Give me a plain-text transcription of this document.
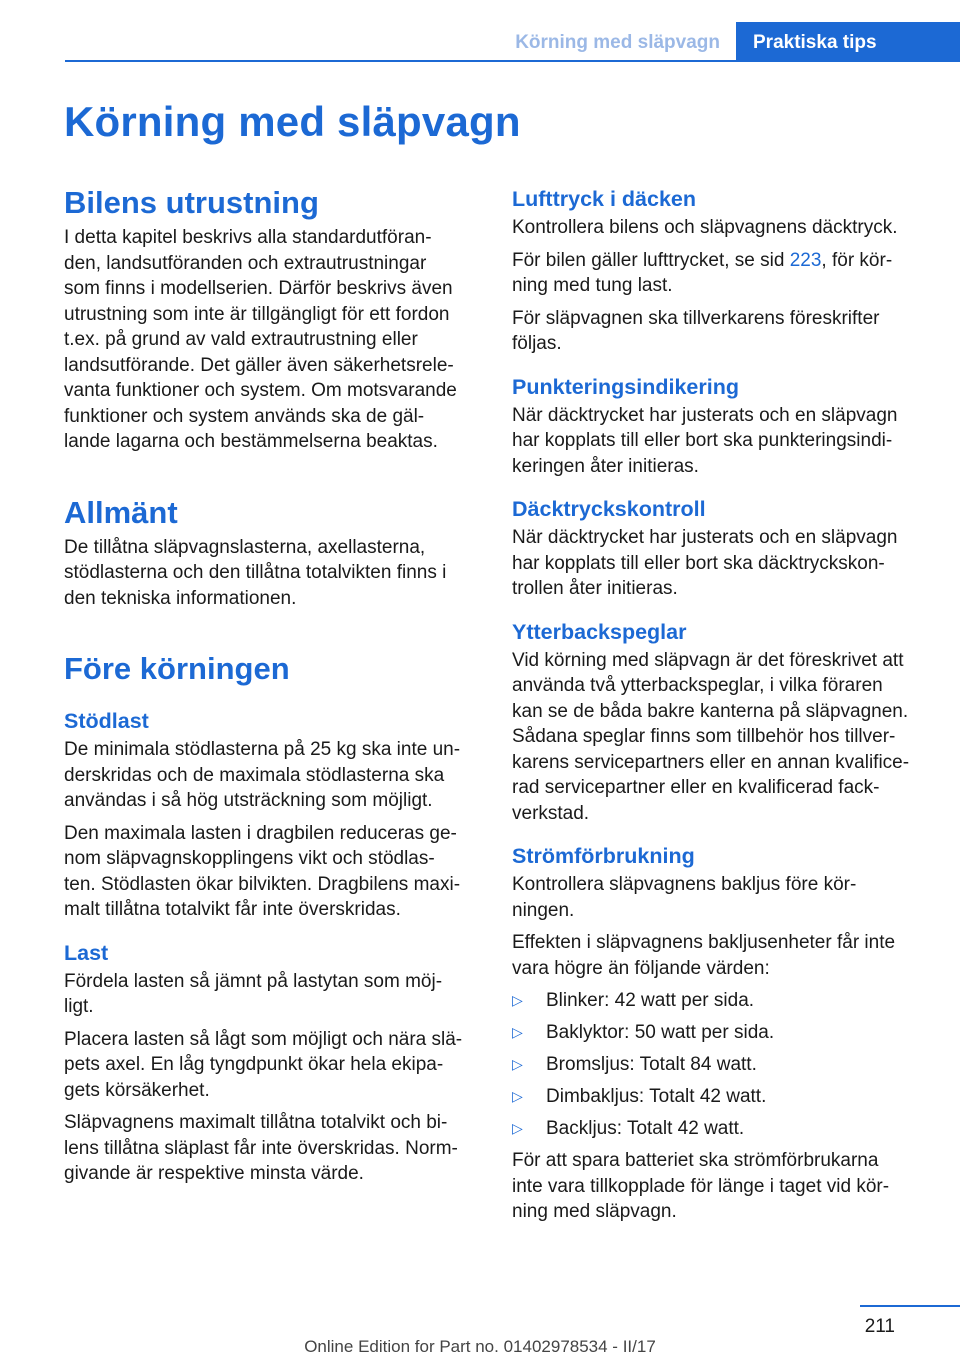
Körning med släpvagn Praktiska tips
Körning med släpvagn
Bilens utrustning

I detta kapitel beskrivs alla standardutföran-
den, landsutföranden och extrautrustningar
som finns i modellserien. Därför beskrivs även
utrustning som inte är tillgängligt för ett fordon
t.ex. på grund av vald extrautrustning eller
landsutförande. Det gäller även säkerhetsrele-
vanta funktioner och system. Om motsvarande
funktioner och system används ska de gäl-
lande lagarna och bestämmelserna beaktas.

Allmänt

De tillåtna släpvagnslasterna, axellasterna,
stödlasterna och den tillåtna totalvikten finns i
den tekniska informationen.

Före körningen
Stödlast

De minimala stödlasterna på 25 kg ska inte un-
derskridas och de maximala stödlasterna ska
användas i så hög utsträckning som möjligt.

Den maximala lasten i dragbilen reduceras ge-
nom släpvagnskopplingens vikt och stödlas-
ten. Stödlasten ökar bilvikten. Dragbilens maxi-
malt tillåtna totalvikt får inte överskridas.

Last

Fördela lasten så jämnt på lastytan som möj-
ligt.

Placera lasten så lågt som möjligt och nära slä-
pets axel. En låg tyngdpunkt ökar hela ekipa-
gets körsäkerhet.

Släpvagnens maximalt tillåtna totalvikt och bi-
lens tillåtna släplast får inte överskridas. Norm-
givande är respektive minsta värde.

Lufttryck i däcken

Kontrollera bilens och släpvagnens däcktryck.

För bilen gäller lufttrycket, se sid 223, för kör-
ning med tung last.

För släpvagnen ska tillverkarens föreskrifter
följas.

Punkteringsindikering

När däcktrycket har justerats och en släpvagn
har kopplats till eller bort ska punkteringsindi-
keringen åter initieras.

Däcktryckskontroll

När däcktrycket har justerats och en släpvagn
har kopplats till eller bort ska däcktryckskon-
trollen åter initieras.

Ytterbackspeglar

Vid körning med släpvagn är det föreskrivet att
använda två ytterbackspeglar, i vilka föraren
kan se de båda bakre kanterna på släpvagnen.
Sådana speglar finns som tillbehör hos tillver-
karens servicepartners eller en annan kvalifice-
rad servicepartner eller en kvalificerad fack-
verkstad.

Strömförbrukning

Kontrollera släpvagnens bakljus före kör-
ningen.

Effekten i släpvagnens bakljusenheter får inte
vara högre än följande värden:

▷ Blinker: 42 watt per sida.
▷ Baklyktor: 50 watt per sida.
▷ Bromsljus: Totalt 84 watt.
▷ Dimbakljus: Totalt 42 watt.
▷ Backljus: Totalt 42 watt.

För att spara batteriet ska strömförbrukarna
inte vara tillkopplade för länge i taget vid kör-
ning med släpvagn.

211
Online Edition for Part no. 01402978534 - II/17
